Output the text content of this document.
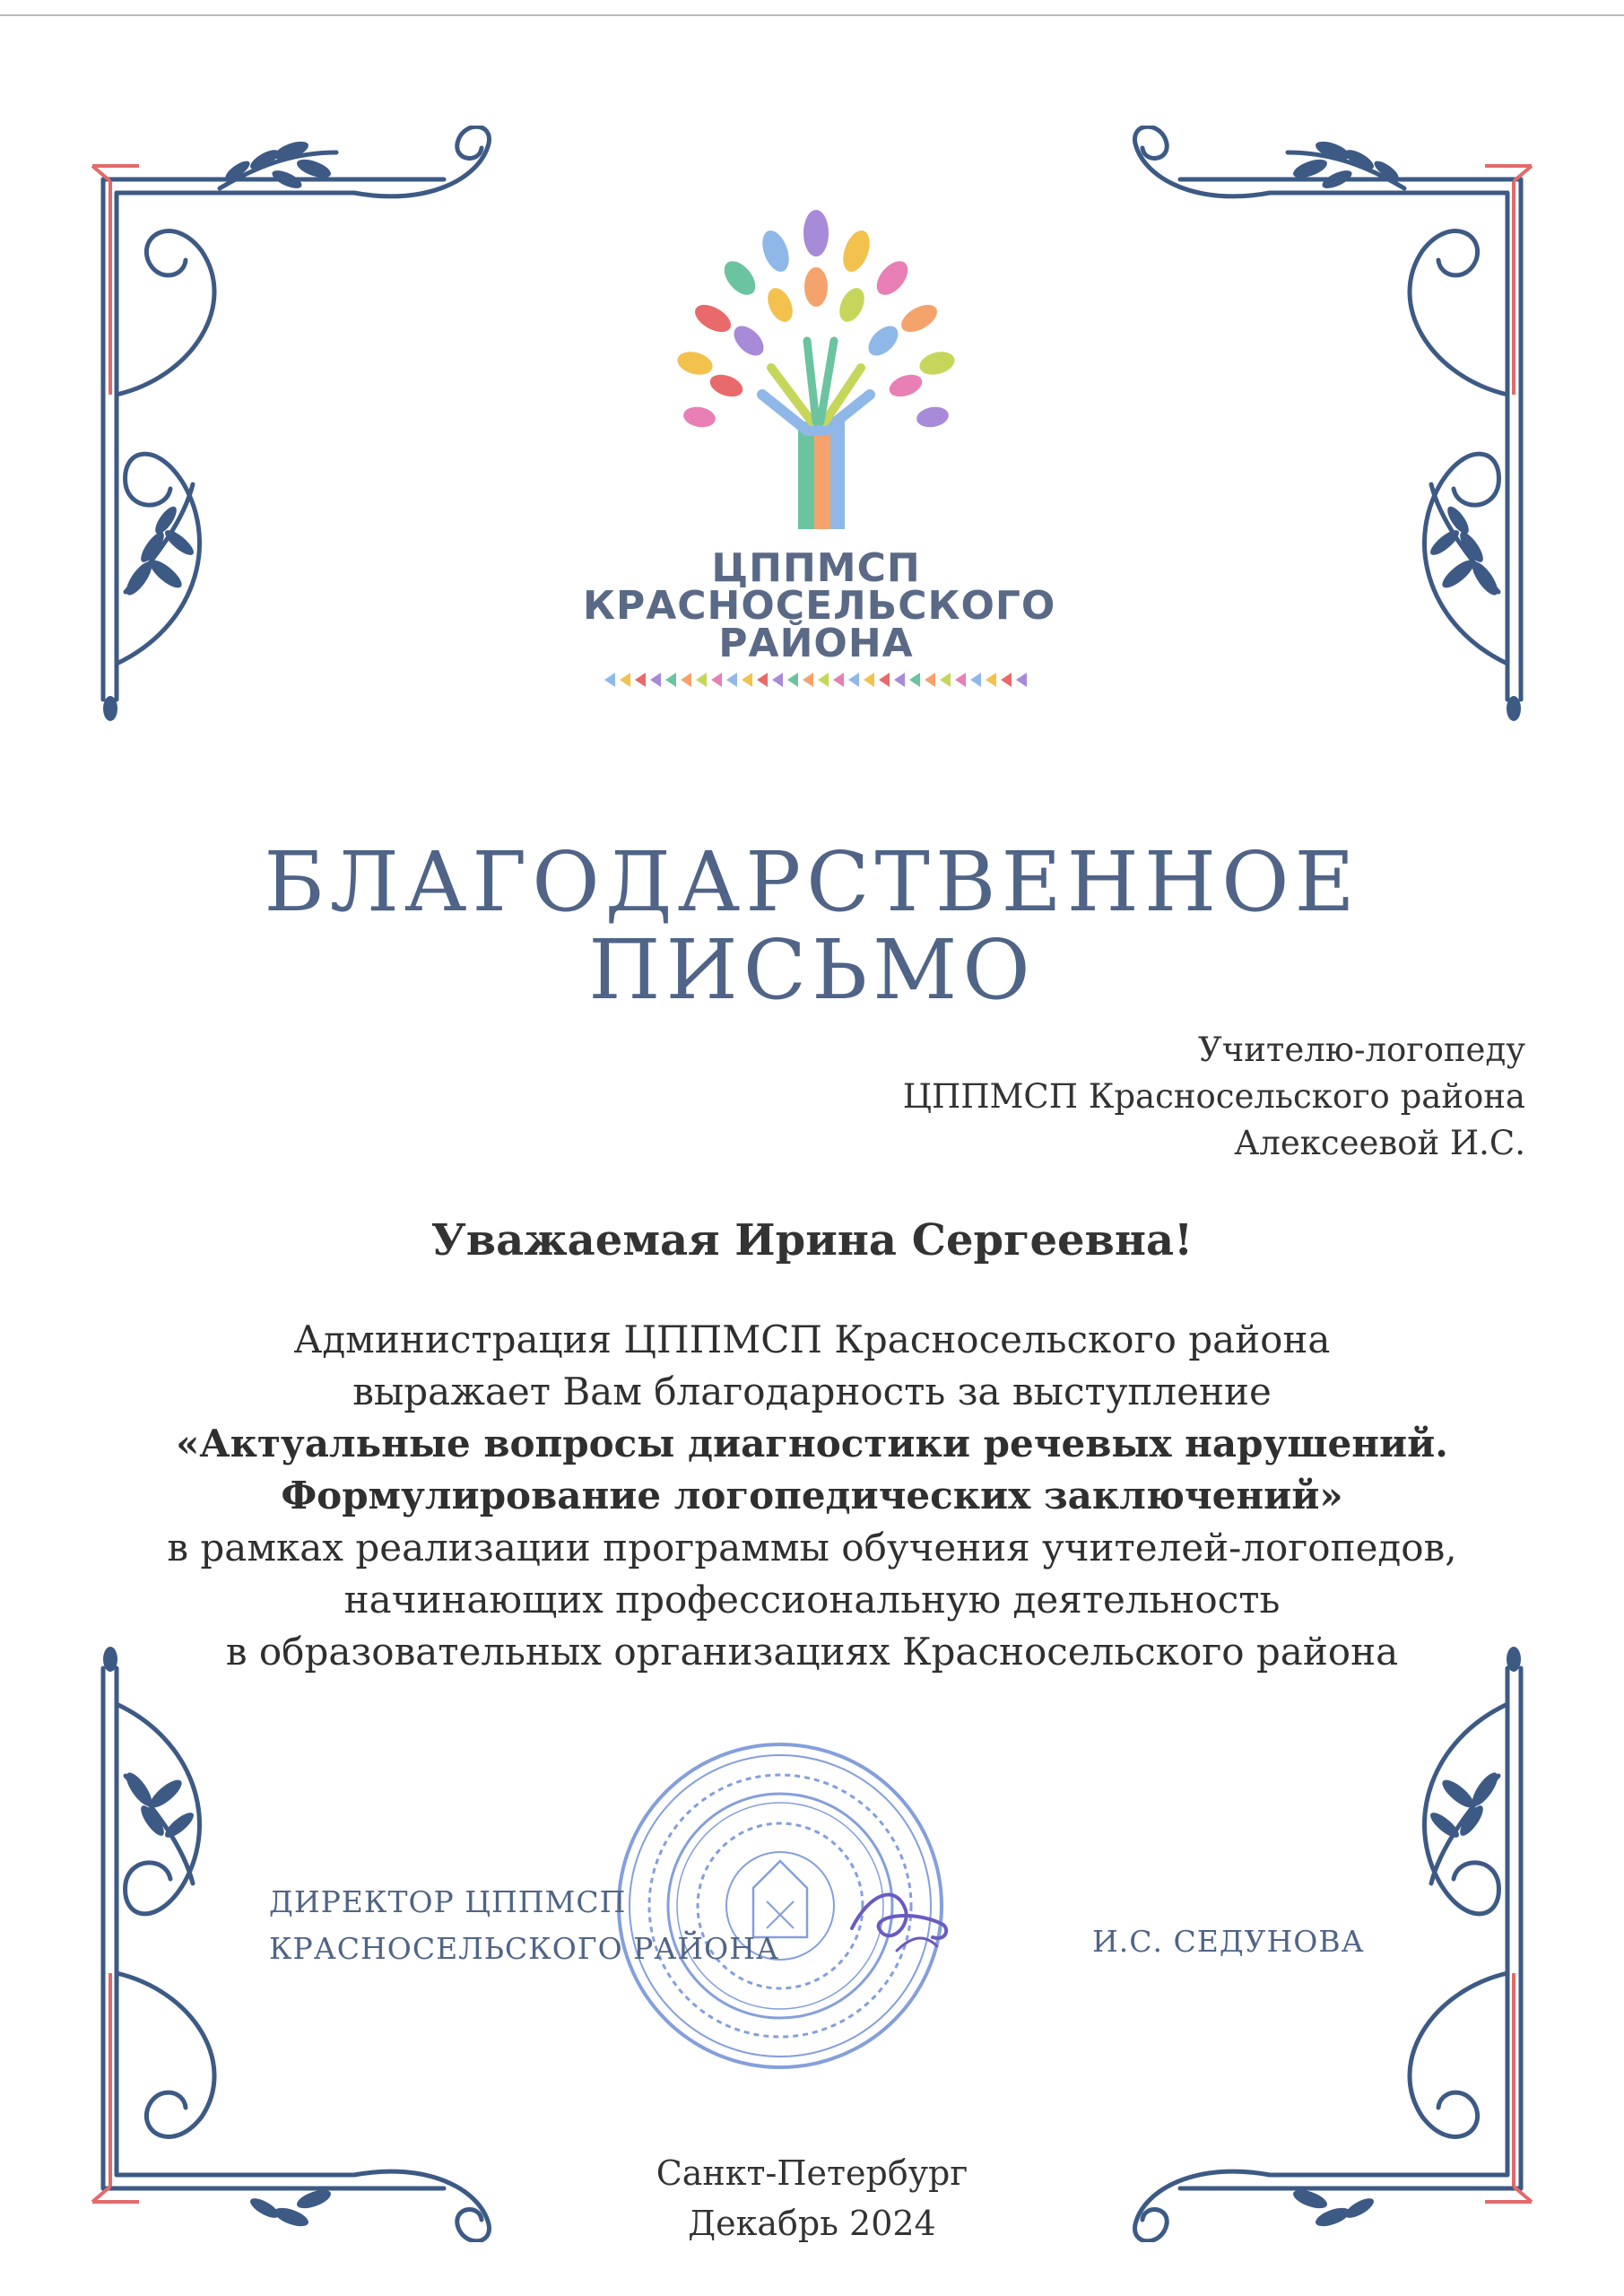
ЦППМСП
КРАСНОСЕЛЬСКОГО
РАЙОНА
БЛАГОДАРСТВЕННОЕ
ПИСЬМО
Учителю-логопеду
ЦППМСП Красносельского района
Алексеевой И.С.
Уважаемая Ирина Сергеевна!
Администрация ЦППМСП Красносельского района
выражает Вам благодарность за выступление
«Актуальные вопросы диагностики речевых нарушений.
Формулирование логопедических заключений»
в рамках реализации программы обучения учителей-логопедов,
начинающих профессиональную деятельность
в образовательных организациях Красносельского района
ДИРЕКТОР ЦППМСП
КРАСНОСЕЛЬСКОГО РАЙОНА	И.С. СЕДУНОВА
Санкт-Петербург
Декабрь 2024
